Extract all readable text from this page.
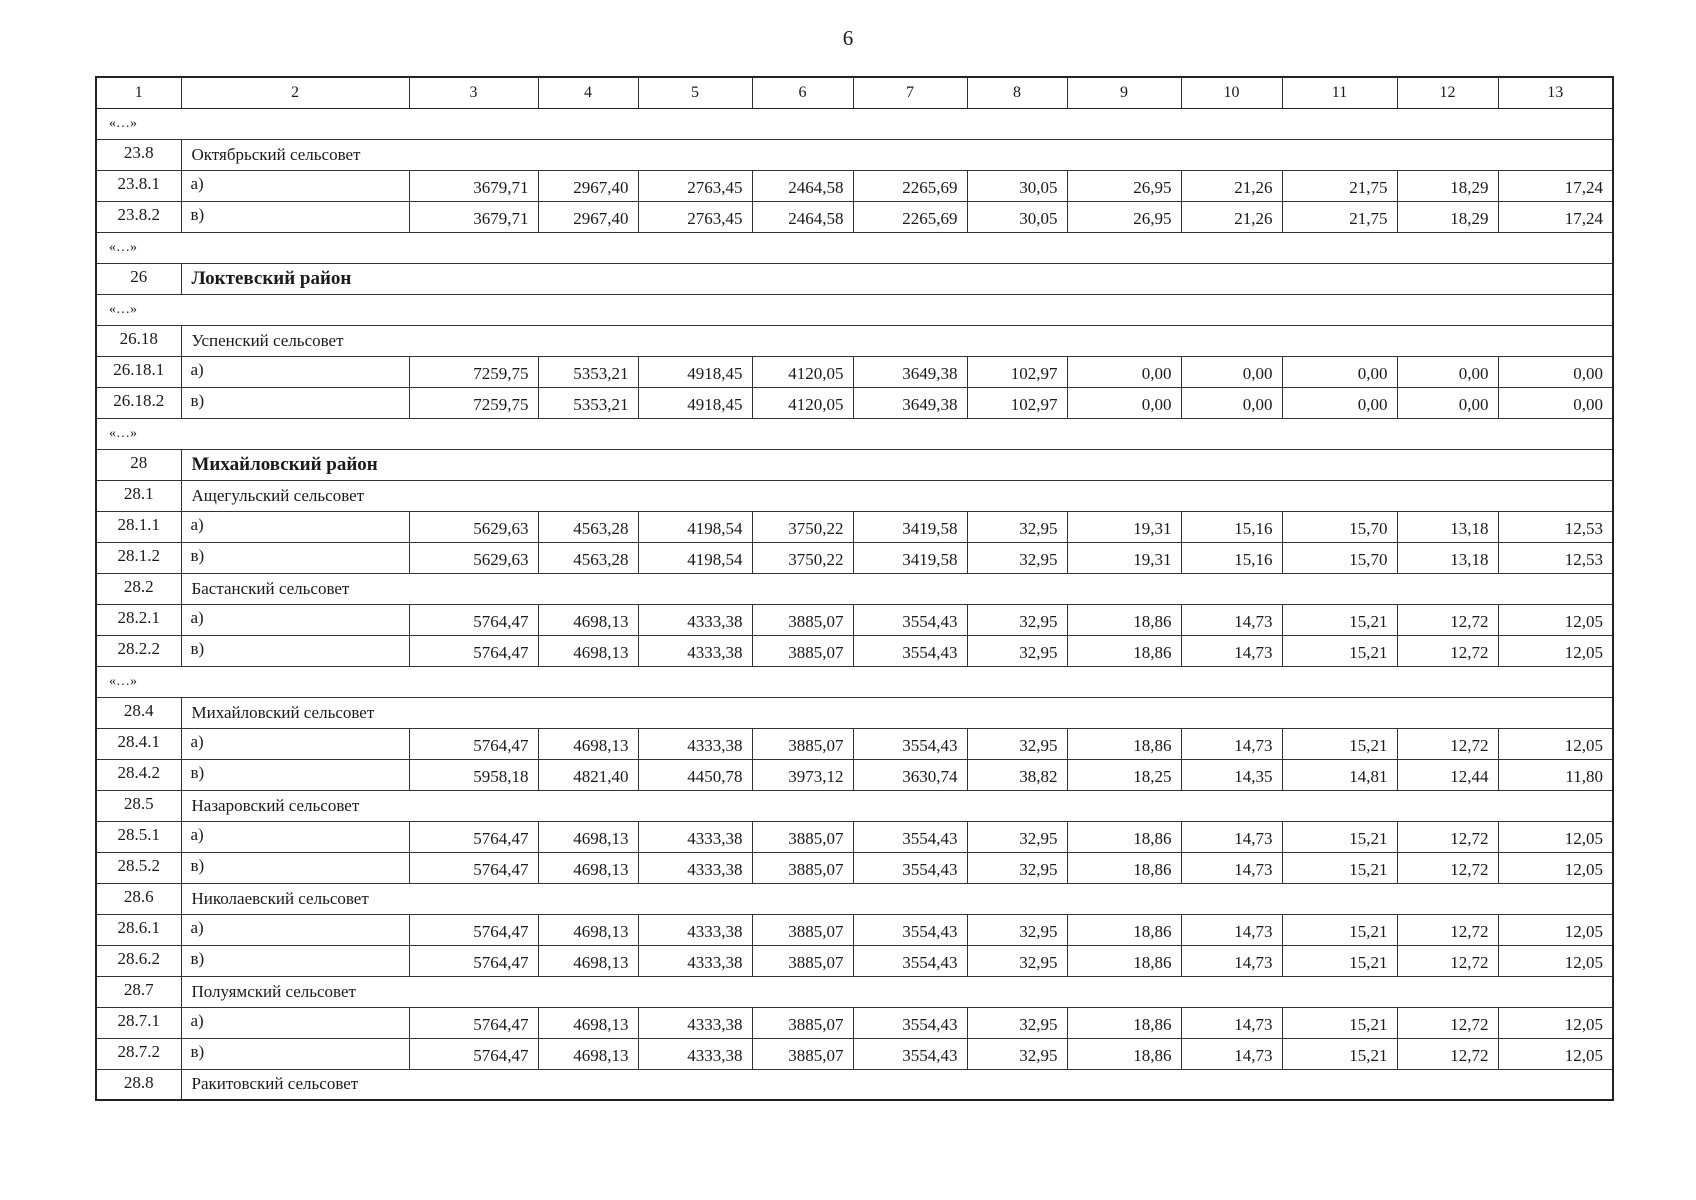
6
1	2	3	4	5	6	7	8	9	10	11	12	13
«…»												
23.8	Октябрьский сельсовет											
23.8.1	а)	3679,71	2967,40	2763,45	2464,58	2265,69	30,05	26,95	21,26	21,75	18,29	17,24
23.8.2	в)	3679,71	2967,40	2763,45	2464,58	2265,69	30,05	26,95	21,26	21,75	18,29	17,24
«…»												
26	Локтевский район											
«…»												
26.18	Успенский сельсовет											
26.18.1	а)	7259,75	5353,21	4918,45	4120,05	3649,38	102,97	0,00	0,00	0,00	0,00	0,00
26.18.2	в)	7259,75	5353,21	4918,45	4120,05	3649,38	102,97	0,00	0,00	0,00	0,00	0,00
«…»												
28	Михайловский район											
28.1	Ащегульский сельсовет											
28.1.1	а)	5629,63	4563,28	4198,54	3750,22	3419,58	32,95	19,31	15,16	15,70	13,18	12,53
28.1.2	в)	5629,63	4563,28	4198,54	3750,22	3419,58	32,95	19,31	15,16	15,70	13,18	12,53
28.2	Бастанский сельсовет											
28.2.1	а)	5764,47	4698,13	4333,38	3885,07	3554,43	32,95	18,86	14,73	15,21	12,72	12,05
28.2.2	в)	5764,47	4698,13	4333,38	3885,07	3554,43	32,95	18,86	14,73	15,21	12,72	12,05
«…»												
28.4	Михайловский сельсовет											
28.4.1	а)	5764,47	4698,13	4333,38	3885,07	3554,43	32,95	18,86	14,73	15,21	12,72	12,05
28.4.2	в)	5958,18	4821,40	4450,78	3973,12	3630,74	38,82	18,25	14,35	14,81	12,44	11,80
28.5	Назаровский сельсовет											
28.5.1	а)	5764,47	4698,13	4333,38	3885,07	3554,43	32,95	18,86	14,73	15,21	12,72	12,05
28.5.2	в)	5764,47	4698,13	4333,38	3885,07	3554,43	32,95	18,86	14,73	15,21	12,72	12,05
28.6	Николаевский сельсовет											
28.6.1	а)	5764,47	4698,13	4333,38	3885,07	3554,43	32,95	18,86	14,73	15,21	12,72	12,05
28.6.2	в)	5764,47	4698,13	4333,38	3885,07	3554,43	32,95	18,86	14,73	15,21	12,72	12,05
28.7	Полуямский сельсовет											
28.7.1	а)	5764,47	4698,13	4333,38	3885,07	3554,43	32,95	18,86	14,73	15,21	12,72	12,05
28.7.2	в)	5764,47	4698,13	4333,38	3885,07	3554,43	32,95	18,86	14,73	15,21	12,72	12,05
28.8	Ракитовский сельсовет											
